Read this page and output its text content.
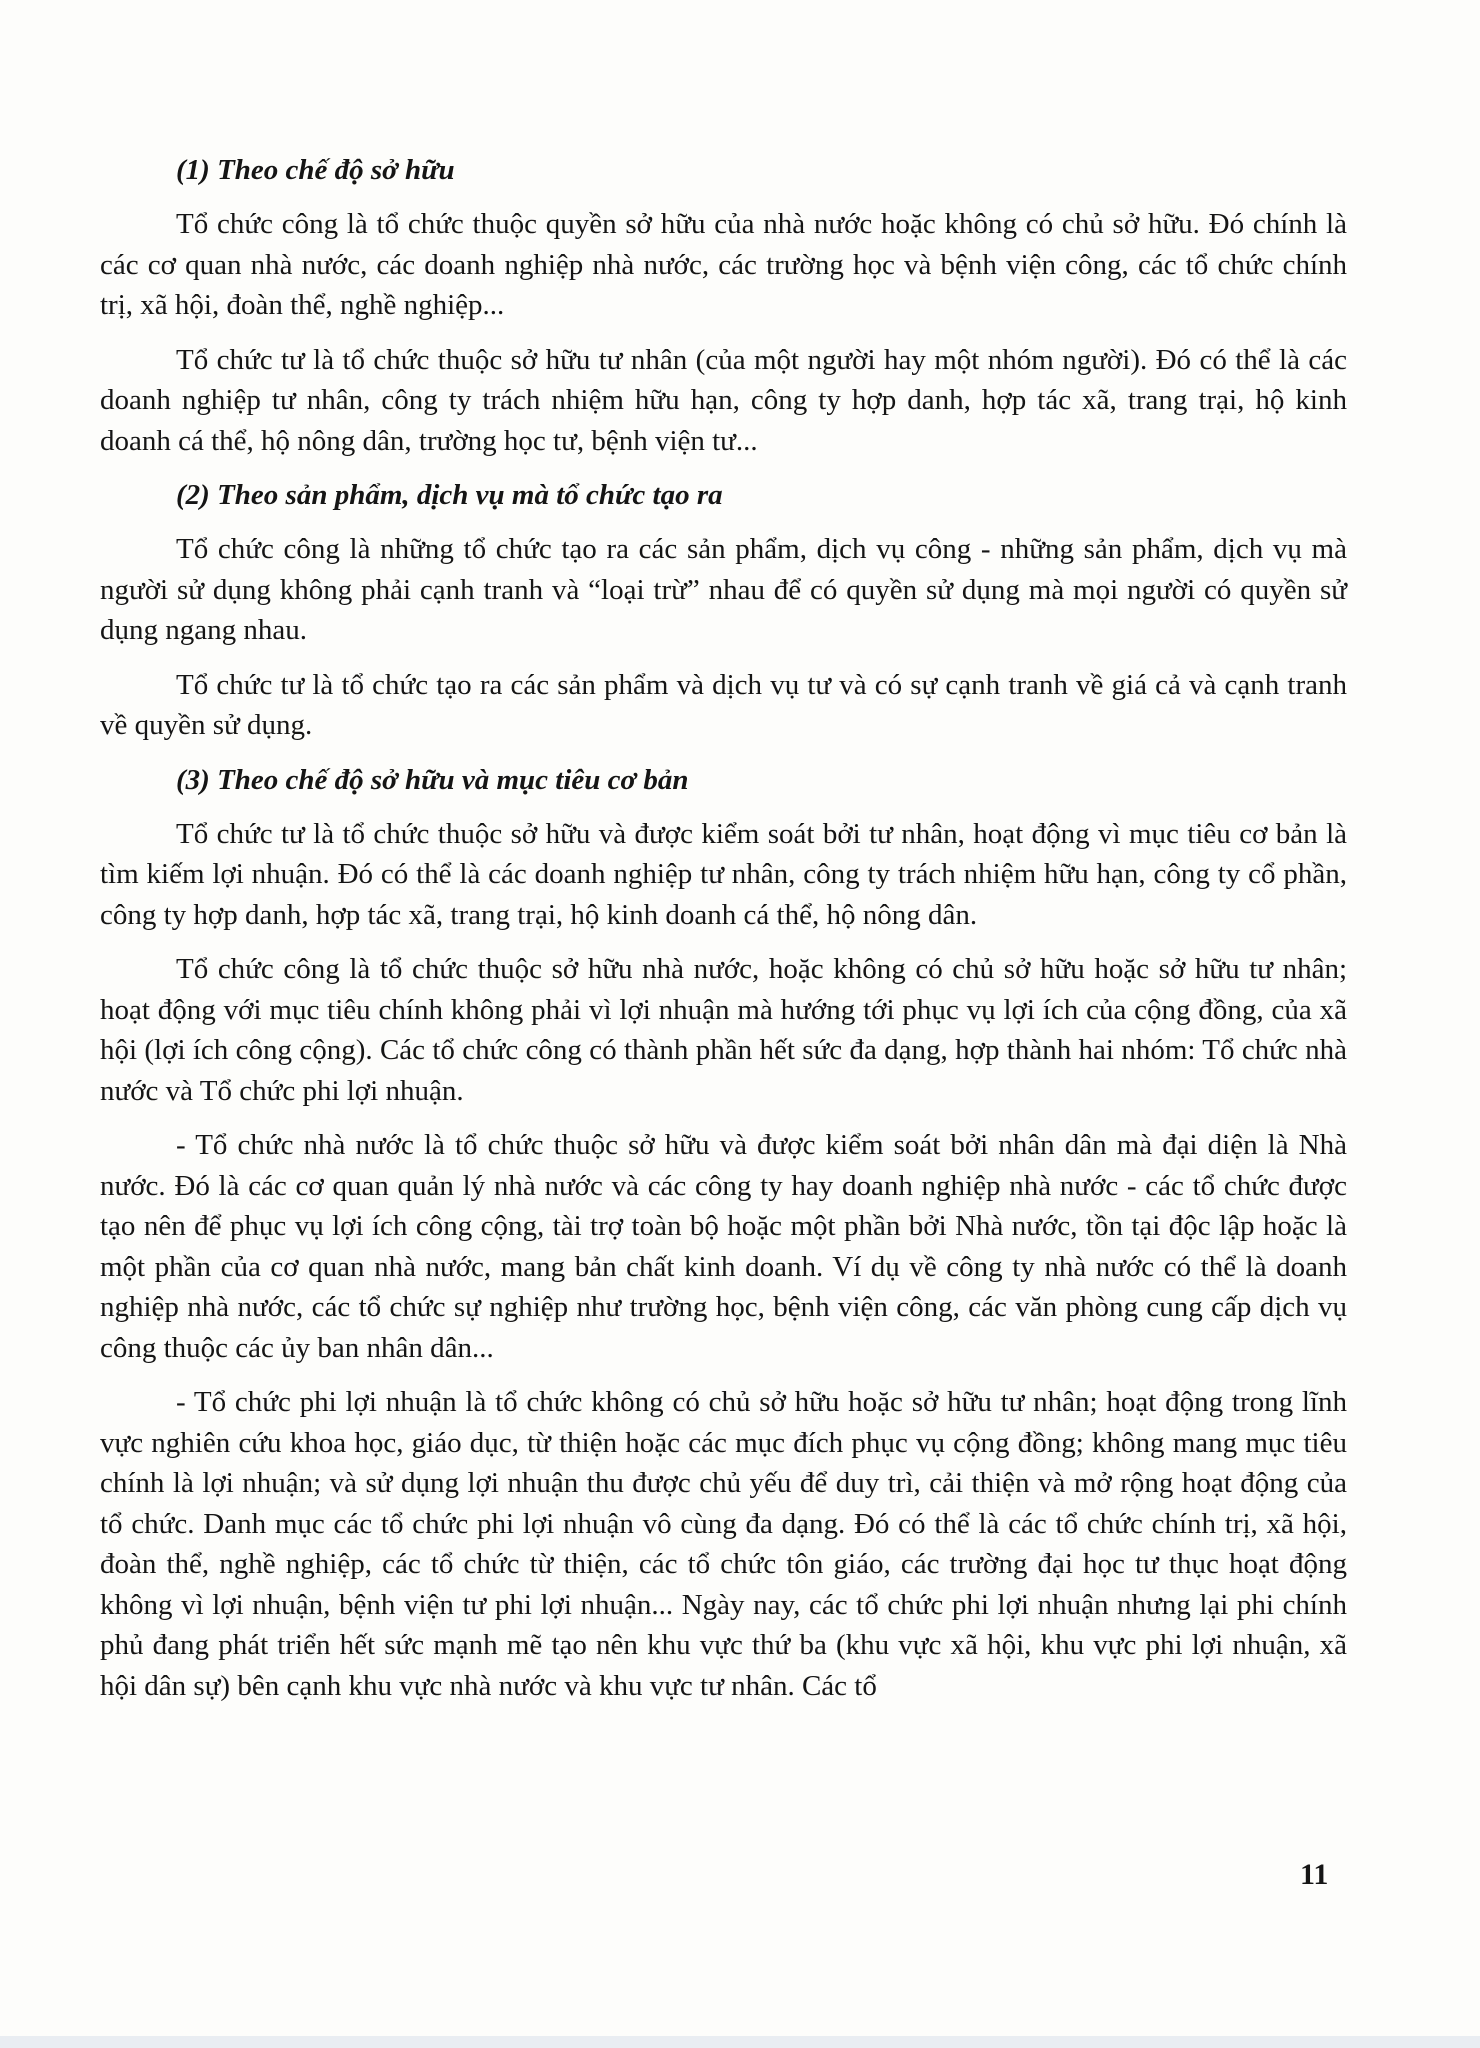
(1) Theo chế độ sở hữu

Tổ chức công là tổ chức thuộc quyền sở hữu của nhà nước hoặc không có chủ sở hữu. Đó chính là các cơ quan nhà nước, các doanh nghiệp nhà nước, các trường học và bệnh viện công, các tổ chức chính trị, xã hội, đoàn thể, nghề nghiệp...

Tổ chức tư là tổ chức thuộc sở hữu tư nhân (của một người hay một nhóm người). Đó có thể là các doanh nghiệp tư nhân, công ty trách nhiệm hữu hạn, công ty hợp danh, hợp tác xã, trang trại, hộ kinh doanh cá thể, hộ nông dân, trường học tư, bệnh viện tư...

(2) Theo sản phẩm, dịch vụ mà tổ chức tạo ra

Tổ chức công là những tổ chức tạo ra các sản phẩm, dịch vụ công - những sản phẩm, dịch vụ mà người sử dụng không phải cạnh tranh và “loại trừ” nhau để có quyền sử dụng mà mọi người có quyền sử dụng ngang nhau.

Tổ chức tư là tổ chức tạo ra các sản phẩm và dịch vụ tư và có sự cạnh tranh về giá cả và cạnh tranh về quyền sử dụng.

(3) Theo chế độ sở hữu và mục tiêu cơ bản

Tổ chức tư là tổ chức thuộc sở hữu và được kiểm soát bởi tư nhân, hoạt động vì mục tiêu cơ bản là tìm kiếm lợi nhuận. Đó có thể là các doanh nghiệp tư nhân, công ty trách nhiệm hữu hạn, công ty cổ phần, công ty hợp danh, hợp tác xã, trang trại, hộ kinh doanh cá thể, hộ nông dân.

Tổ chức công là tổ chức thuộc sở hữu nhà nước, hoặc không có chủ sở hữu hoặc sở hữu tư nhân; hoạt động với mục tiêu chính không phải vì lợi nhuận mà hướng tới phục vụ lợi ích của cộng đồng, của xã hội (lợi ích công cộng). Các tổ chức công có thành phần hết sức đa dạng, hợp thành hai nhóm: Tổ chức nhà nước và Tổ chức phi lợi nhuận.

- Tổ chức nhà nước là tổ chức thuộc sở hữu và được kiểm soát bởi nhân dân mà đại diện là Nhà nước. Đó là các cơ quan quản lý nhà nước và các công ty hay doanh nghiệp nhà nước - các tổ chức được tạo nên để phục vụ lợi ích công cộng, tài trợ toàn bộ hoặc một phần bởi Nhà nước, tồn tại độc lập hoặc là một phần của cơ quan nhà nước, mang bản chất kinh doanh. Ví dụ về công ty nhà nước có thể là doanh nghiệp nhà nước, các tổ chức sự nghiệp như trường học, bệnh viện công, các văn phòng cung cấp dịch vụ công thuộc các ủy ban nhân dân...

- Tổ chức phi lợi nhuận là tổ chức không có chủ sở hữu hoặc sở hữu tư nhân; hoạt động trong lĩnh vực nghiên cứu khoa học, giáo dục, từ thiện hoặc các mục đích phục vụ cộng đồng; không mang mục tiêu chính là lợi nhuận; và sử dụng lợi nhuận thu được chủ yếu để duy trì, cải thiện và mở rộng hoạt động của tổ chức. Danh mục các tổ chức phi lợi nhuận vô cùng đa dạng. Đó có thể là các tổ chức chính trị, xã hội, đoàn thể, nghề nghiệp, các tổ chức từ thiện, các tổ chức tôn giáo, các trường đại học tư thục hoạt động không vì lợi nhuận, bệnh viện tư phi lợi nhuận... Ngày nay, các tổ chức phi lợi nhuận nhưng lại phi chính phủ đang phát triển hết sức mạnh mẽ tạo nên khu vực thứ ba (khu vực xã hội, khu vực phi lợi nhuận, xã hội dân sự) bên cạnh khu vực nhà nước và khu vực tư nhân. Các tổ

11
